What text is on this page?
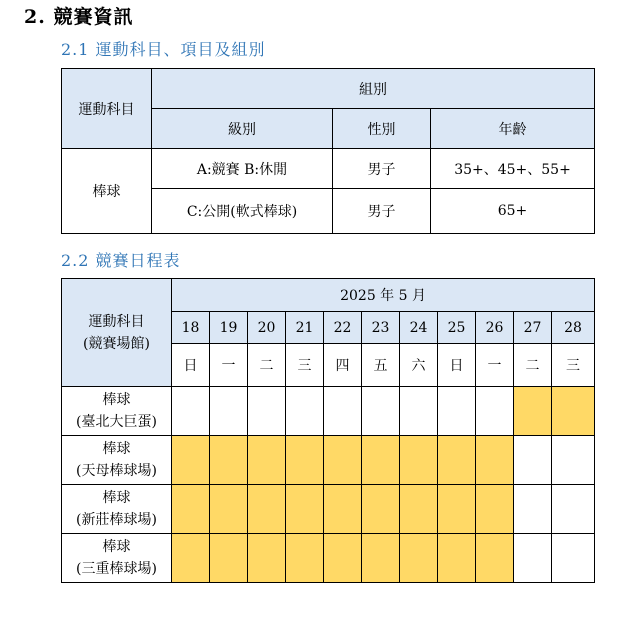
2. 競賽資訊
2.1 運動科目、項目及組別
運動科目	組別		
	級別	性別	年齡
棒球	A:競賽 B:休閒	男子	35+、45+、55+
	C:公開(軟式棒球)	男子	65+
2.2 競賽日程表
運動科目
(競賽場館)	2025 年 5 月										
	18	19	20	21	22	23	24	25	26	27	28
	日	一	二	三	四	五	六	日	一	二	三

棒球
(臺北大巨蛋)											

棒球
(天母棒球場)											

棒球
(新莊棒球場)											

棒球
(三重棒球場)											
